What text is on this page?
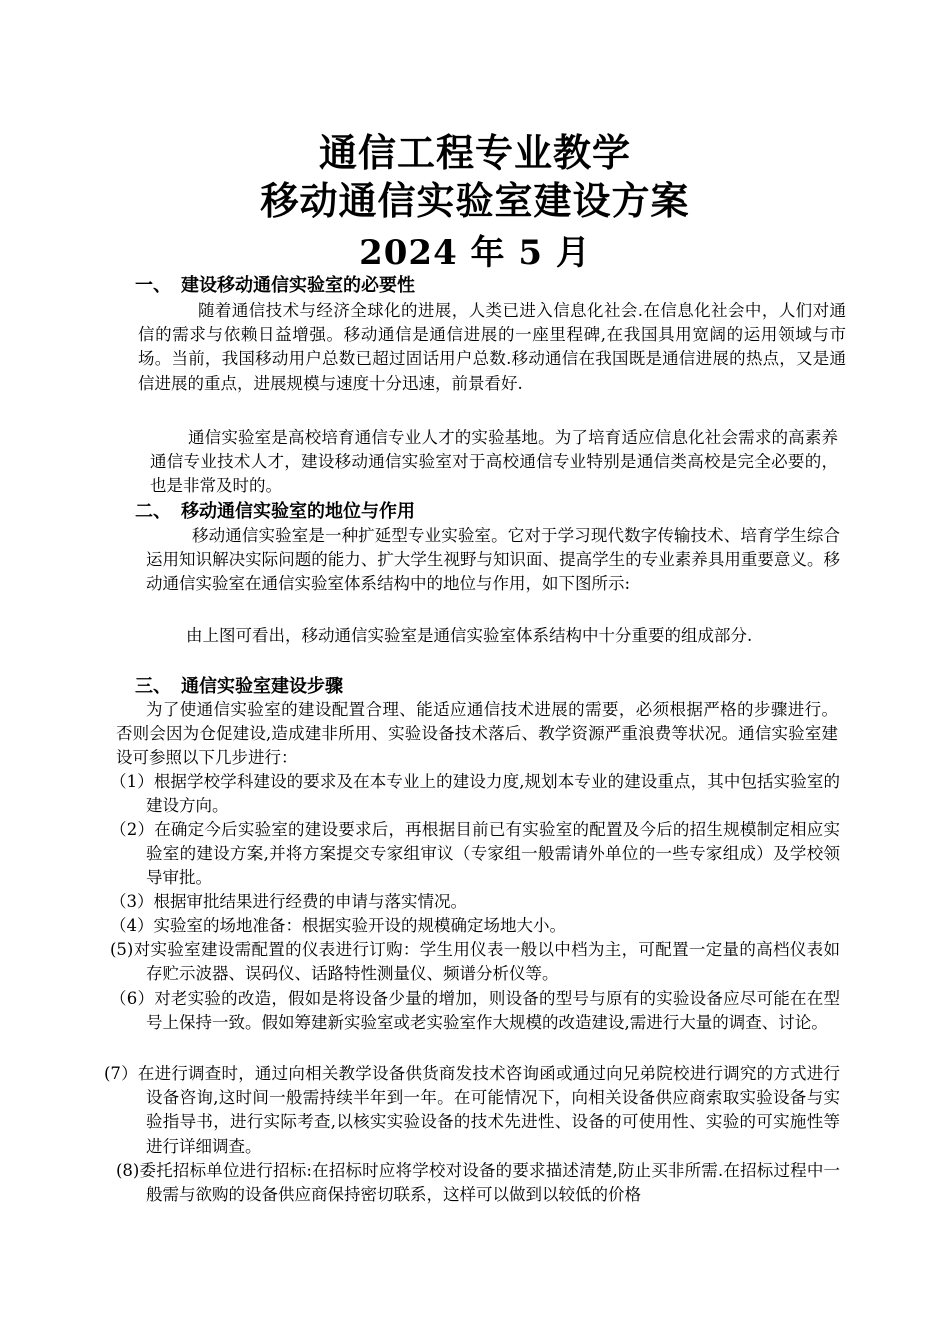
通信工程专业教学
移动通信实验室建设方案
2024 年 5 月
一、 建设移动通信实验室的必要性

随着通信技术与经济全球化的进展，人类已进入信息化社会.在信息化社会中，人们对通信的需求与依赖日益增强。移动通信是通信进展的一座里程碑,在我国具用宽阔的运用领域与市场。当前，我国移动用户总数已超过固话用户总数.移动通信在我国既是通信进展的热点，又是通信进展的重点，进展规模与速度十分迅速，前景看好.

通信实验室是高校培育通信专业人才的实验基地。为了培育适应信息化社会需求的高素养通信专业技术人才，建设移动通信实验室对于高校通信专业特别是通信类高校是完全必要的，也是非常及时的。

二、 移动通信实验室的地位与作用

移动通信实验室是一种扩延型专业实验室。它对于学习现代数字传输技术、培育学生综合运用知识解决实际问题的能力、扩大学生视野与知识面、提高学生的专业素养具用重要意义。移动通信实验室在通信实验室体系结构中的地位与作用，如下图所示:

由上图可看出，移动通信实验室是通信实验室体系结构中十分重要的组成部分.

三、 通信实验室建设步骤

为了使通信实验室的建设配置合理、能适应通信技术进展的需要，必须根据严格的步骤进行。否则会因为仓促建设,造成建非所用、实验设备技术落后、教学资源严重浪费等状况。通信实验室建设可参照以下几步进行：

（1）根据学校学科建设的要求及在本专业上的建设力度,规划本专业的建设重点，其中包括实验室的建设方向。

（2）在确定今后实验室的建设要求后，再根据目前已有实验室的配置及今后的招生规模制定相应实验室的建设方案,并将方案提交专家组审议（专家组一般需请外单位的一些专家组成）及学校领导审批。

（3）根据审批结果进行经费的申请与落实情况。

（4）实验室的场地准备：根据实验开设的规模确定场地大小。

(5)对实验室建设需配置的仪表进行订购：学生用仪表一般以中档为主，可配置一定量的高档仪表如存贮示波器、误码仪、话路特性测量仪、频谱分析仪等。

（6）对老实验的改造，假如是将设备少量的增加，则设备的型号与原有的实验设备应尽可能在在型号上保持一致。假如筹建新实验室或老实验室作大规模的改造建设,需进行大量的调查、讨论。

(7）在进行调查时，通过向相关教学设备供货商发技术咨询函或通过向兄弟院校进行调究的方式进行设备咨询,这时间一般需持续半年到一年。在可能情况下，向相关设备供应商索取实验设备与实验指导书，进行实际考查,以核实实验设备的技术先进性、设备的可使用性、实验的可实施性等进行详细调查。

(8)委托招标单位进行招标:在招标时应将学校对设备的要求描述清楚,防止买非所需.在招标过程中一般需与欲购的设备供应商保持密切联系，这样可以做到以较低的价格
